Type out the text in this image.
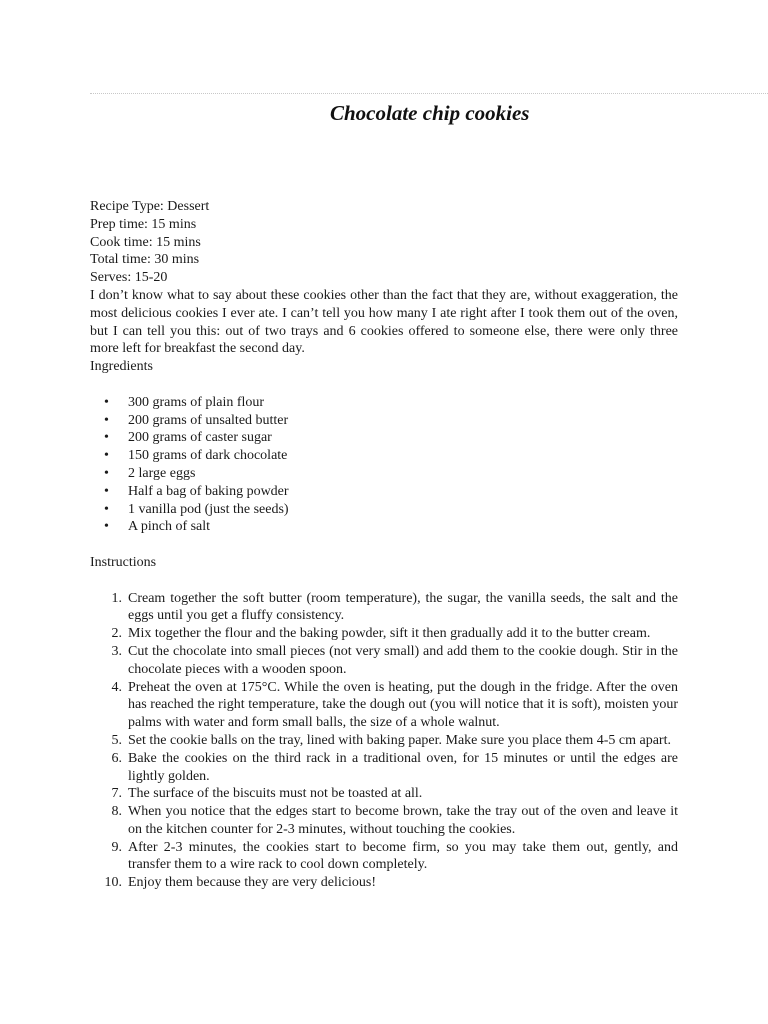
Chocolate chip cookies

Recipe Type: Dessert

Prep time: 15 mins

Cook time: 15 mins

Total time: 30 mins

Serves: 15-20

I don’t know what to say about these cookies other than the fact that they are, without exaggeration, the most delicious cookies I ever ate. I can’t tell you how many I ate right after I took them out of the oven, but I can tell you this: out of two trays and 6 cookies offered to someone else, there were only three more left for breakfast the second day.

Ingredients

• 300 grams of plain flour
• 200 grams of unsalted butter
• 200 grams of caster sugar
• 150 grams of dark chocolate
• 2 large eggs
• Half a bag of baking powder
• 1 vanilla pod (just the seeds)
• A pinch of salt

Instructions

1. Cream together the soft butter (room temperature), the sugar, the vanilla seeds, the salt and the eggs until you get a fluffy consistency.
2. Mix together the flour and the baking powder, sift it then gradually add it to the butter cream.
3. Cut the chocolate into small pieces (not very small) and add them to the cookie dough. Stir in the chocolate pieces with a wooden spoon.
4. Preheat the oven at 175°C. While the oven is heating, put the dough in the fridge. After the oven has reached the right temperature, take the dough out (you will notice that it is soft), moisten your palms with water and form small balls, the size of a whole walnut.
5. Set the cookie balls on the tray, lined with baking paper. Make sure you place them 4-5 cm apart.
6. Bake the cookies on the third rack in a traditional oven, for 15 minutes or until the edges are lightly golden.
7. The surface of the biscuits must not be toasted at all.
8. When you notice that the edges start to become brown, take the tray out of the oven and leave it on the kitchen counter for 2-3 minutes, without touching the cookies.
9. After 2-3 minutes, the cookies start to become firm, so you may take them out, gently, and transfer them to a wire rack to cool down completely.
10. Enjoy them because they are very delicious!
